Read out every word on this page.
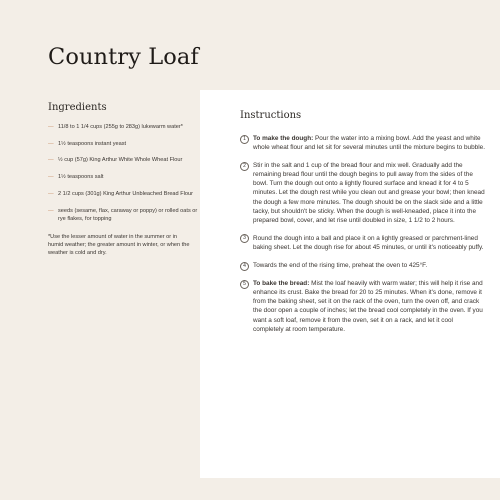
Country Loaf
Ingredients
— 11/8 to 1 1/4 cups (255g to 283g) lukewarm water*
— 1½ teaspoons instant yeast
— ½ cup (57g) King Arthur White Whole Wheat Flour
— 1½ teaspoons salt
— 2 1/2 cups (301g) King Arthur Unbleached Bread Flour
— seeds (sesame, flax, caraway or poppy) or rolled oats or rye flakes, for topping
*Use the lesser amount of water in the summer or in humid weather; the greater amount in winter, or when the weather is cold and dry.
Instructions
1	To make the dough: Pour the water into a mixing bowl. Add the yeast and white whole wheat flour and let sit for several minutes until the mixture begins to bubble.
2	Stir in the salt and 1 cup of the bread flour and mix well. Gradually add the remaining bread flour until the dough begins to pull away from the sides of the bowl. Turn the dough out onto a lightly floured surface and knead it for 4 to 5 minutes. Let the dough rest while you clean out and grease your bowl; then knead the dough a few more minutes. The dough should be on the slack side and a little tacky, but shouldn't be sticky. When the dough is well-kneaded, place it into the prepared bowl, cover, and let rise until doubled in size, 1 1/2 to 2 hours.
3	Round the dough into a ball and place it on a lightly greased or parchment-lined baking sheet. Let the dough rise for about 45 minutes, or until it's noticeably puffy.
4	Towards the end of the rising time, preheat the oven to 425°F.
5	To bake the bread: Mist the loaf heavily with warm water; this will help it rise and enhance its crust. Bake the bread for 20 to 25 minutes. When it's done, remove it from the baking sheet, set it on the rack of the oven, turn the oven off, and crack the door open a couple of inches; let the bread cool completely in the oven. If you want a soft loaf, remove it from the oven, set it on a rack, and let it cool completely at room temperature.
